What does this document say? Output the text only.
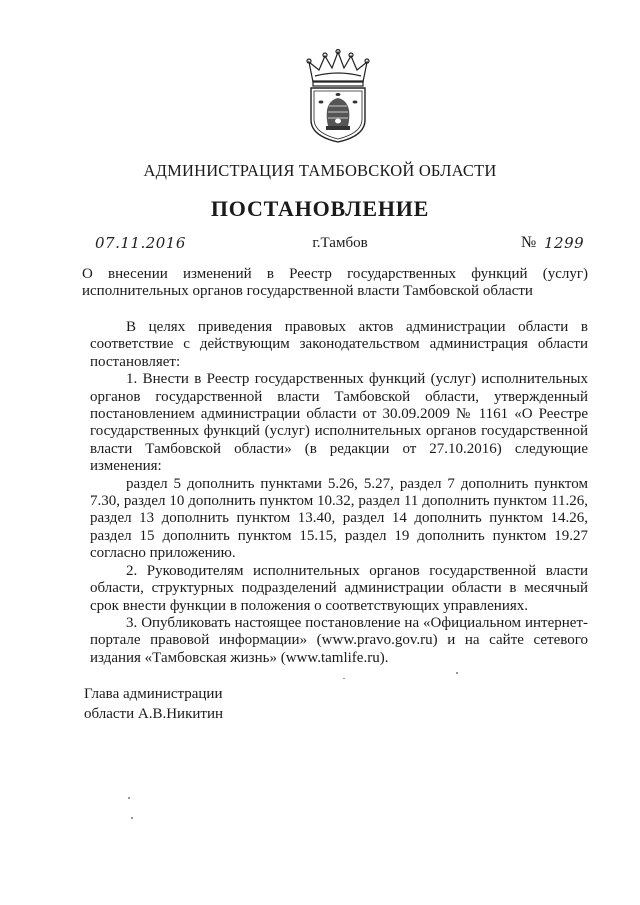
АДМИНИСТРАЦИЯ ТАМБОВСКОЙ ОБЛАСТИ
ПОСТАНОВЛЕНИЕ
07.11.2016	г.Тамбов	№ 1299
О внесении изменений в Реестр государственных функций (услуг) исполнительных органов государственной власти Тамбовской области

В целях приведения правовых актов администрации области в соответствие с действующим законодательством администрация области постановляет:

1. Внести в Реестр государственных функций (услуг) исполнительных органов государственной власти Тамбовской области, утвержденный постановлением администрации области от 30.09.2009 № 1161 «О Реестре государственных функций (услуг) исполнительных органов государственной власти Тамбовской области» (в редакции от 27.10.2016) следующие изменения:

раздел 5 дополнить пунктами 5.26, 5.27, раздел 7 дополнить пунктом 7.30, раздел 10 дополнить пунктом 10.32, раздел 11 дополнить пунктом 11.26, раздел 13 дополнить пунктом 13.40, раздел 14 дополнить пунктом 14.26, раздел 15 дополнить пунктом 15.15, раздел 19 дополнить пунктом 19.27 согласно приложению.

2. Руководителям исполнительных органов государственной власти области, структурных подразделений администрации области в месячный срок внести функции в положения о соответствующих управлениях.

3. Опубликовать настоящее постановление на «Официальном интернет-портале правовой информации» (www.pravo.gov.ru) и на сайте сетевого издания «Тамбовская жизнь» (www.tamlife.ru).

Глава администрации
области А.В.Никитин
